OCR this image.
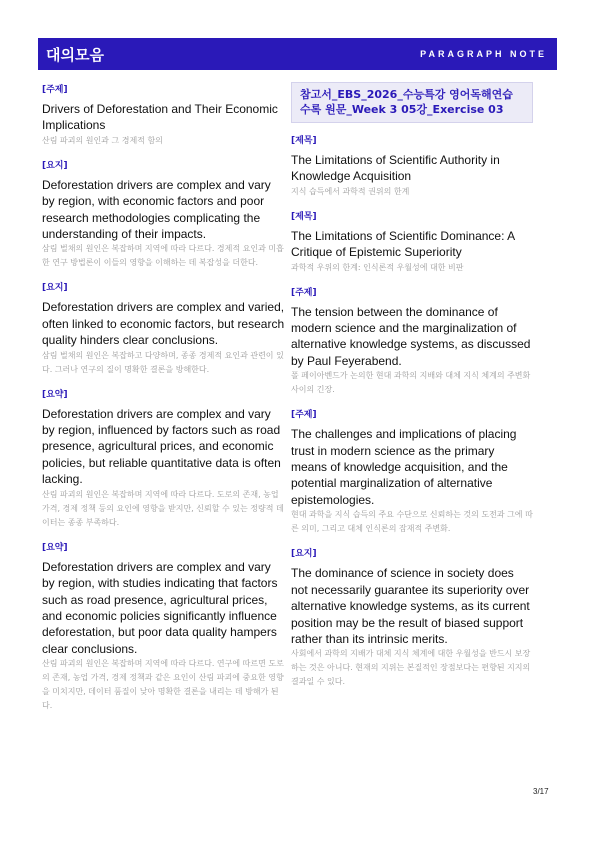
대의모음	PARAGRAPH NOTE

[주제]

Drivers of Deforestation and Their Economic Implications

산림 파괴의 원인과 그 경제적 함의

[요지]

Deforestation drivers are complex and vary by region, with economic factors and poor research methodologies complicating the understanding of their impacts.

삼림 벌채의 원인은 복잡하며 지역에 따라 다르다. 경제적 요인과 미흡한 연구 방법론이 이들의 영향을 이해하는 데 복잡성을 더한다.

[요지]

Deforestation drivers are complex and varied, often linked to economic factors, but research quality hinders clear conclusions.

삼림 벌채의 원인은 복잡하고 다양하며, 종종 경제적 요인과 관련이 있다. 그러나 연구의 질이 명확한 결론을 방해한다.

[요약]

Deforestation drivers are complex and vary by region, influenced by factors such as road presence, agricultural prices, and economic policies, but reliable quantitative data is often lacking.

산림 파괴의 원인은 복잡하며 지역에 따라 다르다. 도로의 존재, 농업 가격, 경제 정책 등의 요인에 영향을 받지만, 신뢰할 수 있는 정량적 데이터는 종종 부족하다.

[요약]

Deforestation drivers are complex and vary by region, with studies indicating that factors such as road presence, agricultural prices, and economic policies significantly influence deforestation, but poor data quality hampers clear conclusions.

산림 파괴의 원인은 복잡하며 지역에 따라 다르다. 연구에 따르면 도로의 존재, 농업 가격, 경제 정책과 같은 요인이 산림 파괴에 중요한 영향을 미치지만, 데이터 품질이 낮아 명확한 결론을 내리는 데 방해가 된다.

참고서_EBS_2026_수능특강 영어독해연습 수록 원문_Week 3 05강_Exercise 03

[제목]

The Limitations of Scientific Authority in Knowledge Acquisition

지식 습득에서 과학적 권위의 한계

[제목]

The Limitations of Scientific Dominance: A Critique of Epistemic Superiority

과학적 우위의 한계: 인식론적 우월성에 대한 비판

[주제]

The tension between the dominance of modern science and the marginalization of alternative knowledge systems, as discussed by Paul Feyerabend.

폴 페이아벤드가 논의한 현대 과학의 지배와 대체 지식 체계의 주변화 사이의 긴장.

[주제]

The challenges and implications of placing trust in modern science as the primary means of knowledge acquisition, and the potential marginalization of alternative epistemologies.

현대 과학을 지식 습득의 주요 수단으로 신뢰하는 것의 도전과 그에 따른 의미, 그리고 대체 인식론의 잠재적 주변화.

[요지]

The dominance of science in society does not necessarily guarantee its superiority over alternative knowledge systems, as its current position may be the result of biased support rather than its intrinsic merits.

사회에서 과학의 지배가 대체 지식 체계에 대한 우월성을 반드시 보장하는 것은 아니다. 현재의 지위는 본질적인 장점보다는 편향된 지지의 결과일 수 있다.

3/17
